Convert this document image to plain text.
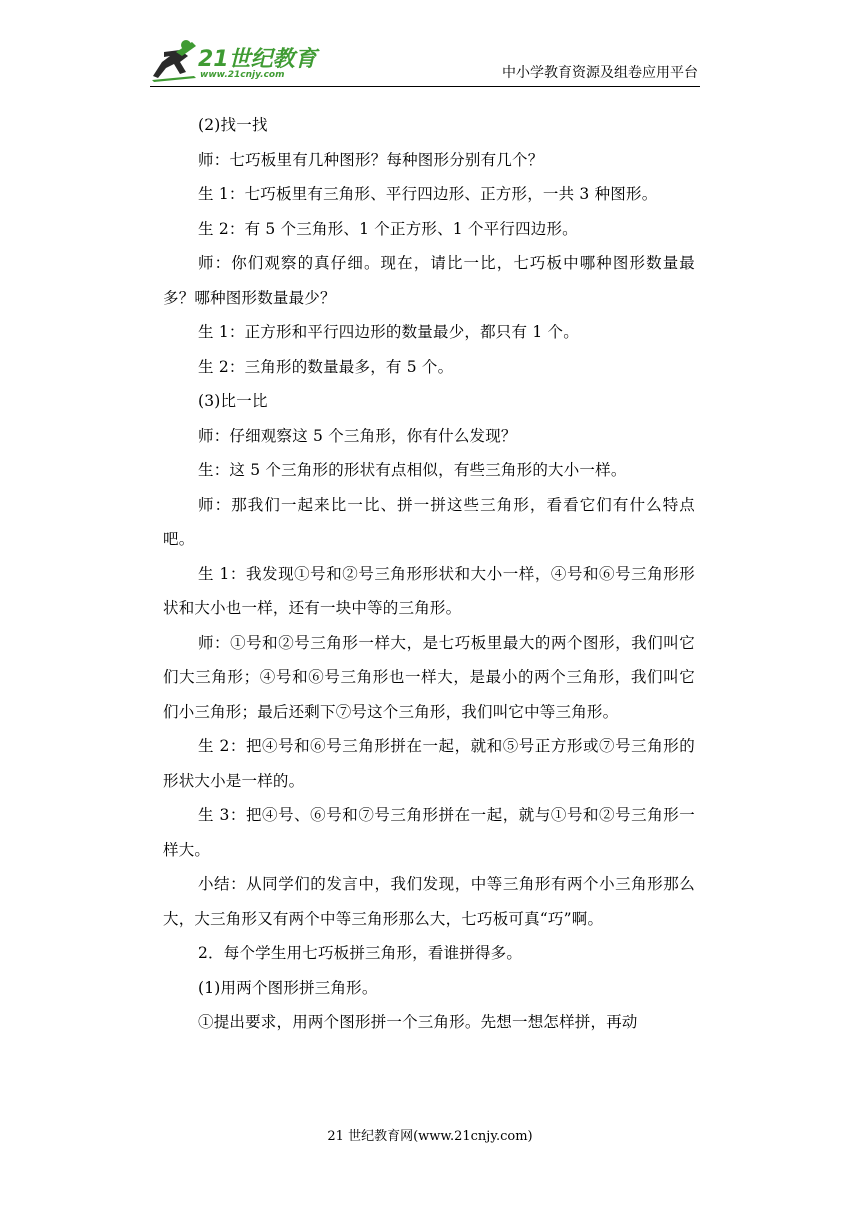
21世纪教育
www.21cnjy.com	中小学教育资源及组卷应用平台

(2)找一找

师：七巧板里有几种图形？每种图形分别有几个？

生 1：七巧板里有三角形、平行四边形、正方形，一共 3 种图形。

生 2：有 5 个三角形、1 个正方形、1 个平行四边形。

师：你们观察的真仔细。现在，请比一比，七巧板中哪种图形数量最多？哪种图形数量最少？

生 1：正方形和平行四边形的数量最少，都只有 1 个。

生 2：三角形的数量最多，有 5 个。

(3)比一比

师：仔细观察这 5 个三角形，你有什么发现？

生：这 5 个三角形的形状有点相似，有些三角形的大小一样。

师：那我们一起来比一比、拼一拼这些三角形，看看它们有什么特点吧。

生 1：我发现①号和②号三角形形状和大小一样，④号和⑥号三角形形状和大小也一样，还有一块中等的三角形。

师：①号和②号三角形一样大，是七巧板里最大的两个图形，我们叫它们大三角形；④号和⑥号三角形也一样大，是最小的两个三角形，我们叫它们小三角形；最后还剩下⑦号这个三角形，我们叫它中等三角形。

生 2：把④号和⑥号三角形拼在一起，就和⑤号正方形或⑦号三角形的形状大小是一样的。

生 3：把④号、⑥号和⑦号三角形拼在一起，就与①号和②号三角形一样大。

小结：从同学们的发言中，我们发现，中等三角形有两个小三角形那么大，大三角形又有两个中等三角形那么大，七巧板可真“巧”啊。

2．每个学生用七巧板拼三角形，看谁拼得多。

(1)用两个图形拼三角形。

①提出要求，用两个图形拼一个三角形。先想一想怎样拼，再动

21 世纪教育网(www.21cnjy.com)
